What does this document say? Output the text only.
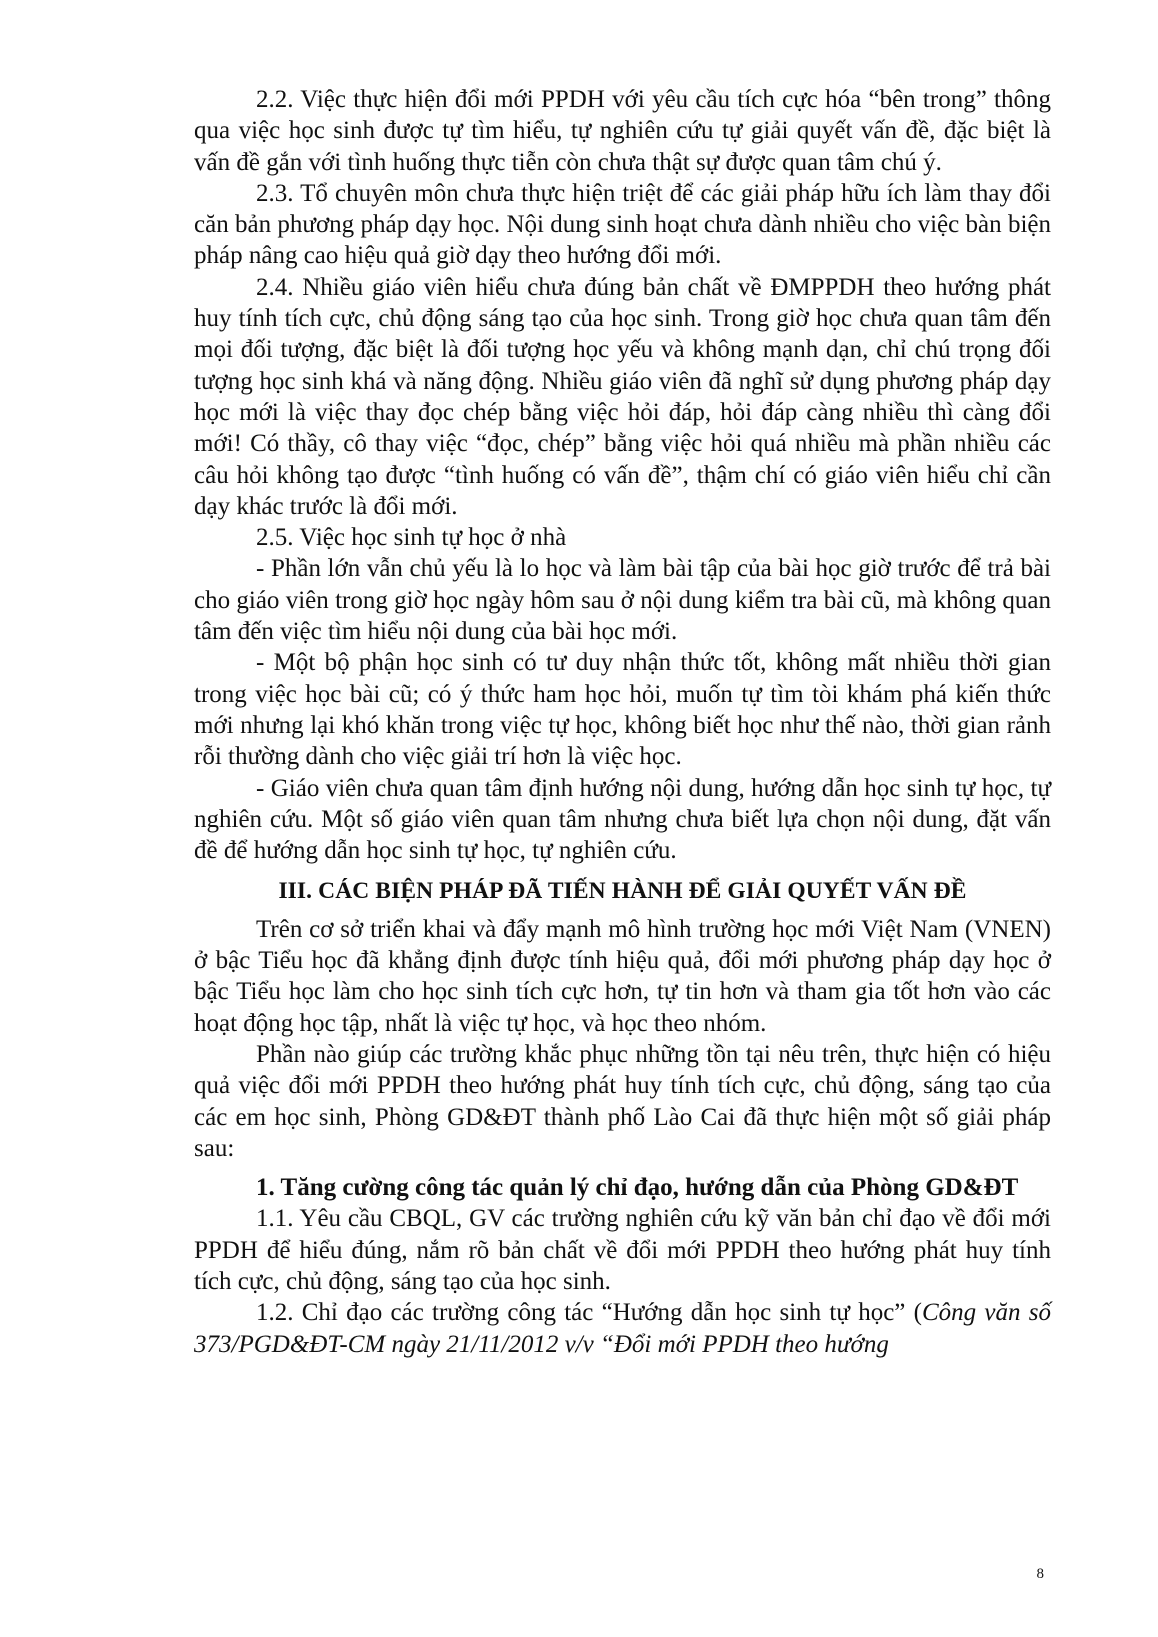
2.2. Việc thực hiện đổi mới PPDH với yêu cầu tích cực hóa “bên trong” thông qua việc học sinh được tự tìm hiểu, tự nghiên cứu tự giải quyết vấn đề, đặc biệt là vấn đề gắn với tình huống thực tiễn còn chưa thật sự được quan tâm chú ý.

2.3. Tổ chuyên môn chưa thực hiện triệt để các giải pháp hữu ích làm thay đổi căn bản phương pháp dạy học. Nội dung sinh hoạt chưa dành nhiều cho việc bàn biện pháp nâng cao hiệu quả giờ dạy theo hướng đổi mới.

2.4. Nhiều giáo viên hiểu chưa đúng bản chất về ĐMPPDH theo hướng phát huy tính tích cực, chủ động sáng tạo của học sinh. Trong giờ học chưa quan tâm đến mọi đối tượng, đặc biệt là đối tượng học yếu và không mạnh dạn, chỉ chú trọng đối tượng học sinh khá và năng động. Nhiều giáo viên đã nghĩ sử dụng phương pháp dạy học mới là việc thay đọc chép bằng việc hỏi đáp, hỏi đáp càng nhiều thì càng đổi mới! Có thầy, cô thay việc “đọc, chép” bằng việc hỏi quá nhiều mà phần nhiều các câu hỏi không tạo được “tình huống có vấn đề”, thậm chí có giáo viên hiểu chỉ cần dạy khác trước là đổi mới.

2.5. Việc học sinh tự học ở nhà

- Phần lớn vẫn chủ yếu là lo học và làm bài tập của bài học giờ trước để trả bài cho giáo viên trong giờ học ngày hôm sau ở nội dung kiểm tra bài cũ, mà không quan tâm đến việc tìm hiểu nội dung của bài học mới.

- Một bộ phận học sinh có tư duy nhận thức tốt, không mất nhiều thời gian trong việc học bài cũ; có ý thức ham học hỏi, muốn tự tìm tòi khám phá kiến thức mới nhưng lại khó khăn trong việc tự học, không biết học như thế nào, thời gian rảnh rỗi thường dành cho việc giải trí hơn là việc học.

- Giáo viên chưa quan tâm định hướng nội dung, hướng dẫn học sinh tự học, tự nghiên cứu. Một số giáo viên quan tâm nhưng chưa biết lựa chọn nội dung, đặt vấn đề để hướng dẫn học sinh tự học, tự nghiên cứu.

III. CÁC BIỆN PHÁP ĐÃ TIẾN HÀNH ĐỂ GIẢI QUYẾT VẤN ĐỀ

Trên cơ sở triển khai và đẩy mạnh mô hình trường học mới Việt Nam (VNEN) ở bậc Tiểu học đã khẳng định được tính hiệu quả, đổi mới phương pháp dạy học ở bậc Tiểu học làm cho học sinh tích cực hơn, tự tin hơn và tham gia tốt hơn vào các hoạt động học tập, nhất là việc tự học, và học theo nhóm.

Phần nào giúp các trường khắc phục những tồn tại nêu trên, thực hiện có hiệu quả việc đổi mới PPDH theo hướng phát huy tính tích cực, chủ động, sáng tạo của các em học sinh, Phòng GD&ĐT thành phố Lào Cai đã thực hiện một số giải pháp sau:

1. Tăng cường công tác quản lý chỉ đạo, hướng dẫn của Phòng GD&ĐT

1.1. Yêu cầu CBQL, GV các trường nghiên cứu kỹ văn bản chỉ đạo về đổi mới PPDH để hiểu đúng, nắm rõ bản chất về đổi mới PPDH theo hướng phát huy tính tích cực, chủ động, sáng tạo của học sinh.

1.2. Chỉ đạo các trường công tác “Hướng dẫn học sinh tự học” (Công văn số 373/PGD&ĐT-CM ngày 21/11/2012 v/v “Đổi mới PPDH theo hướng

8
